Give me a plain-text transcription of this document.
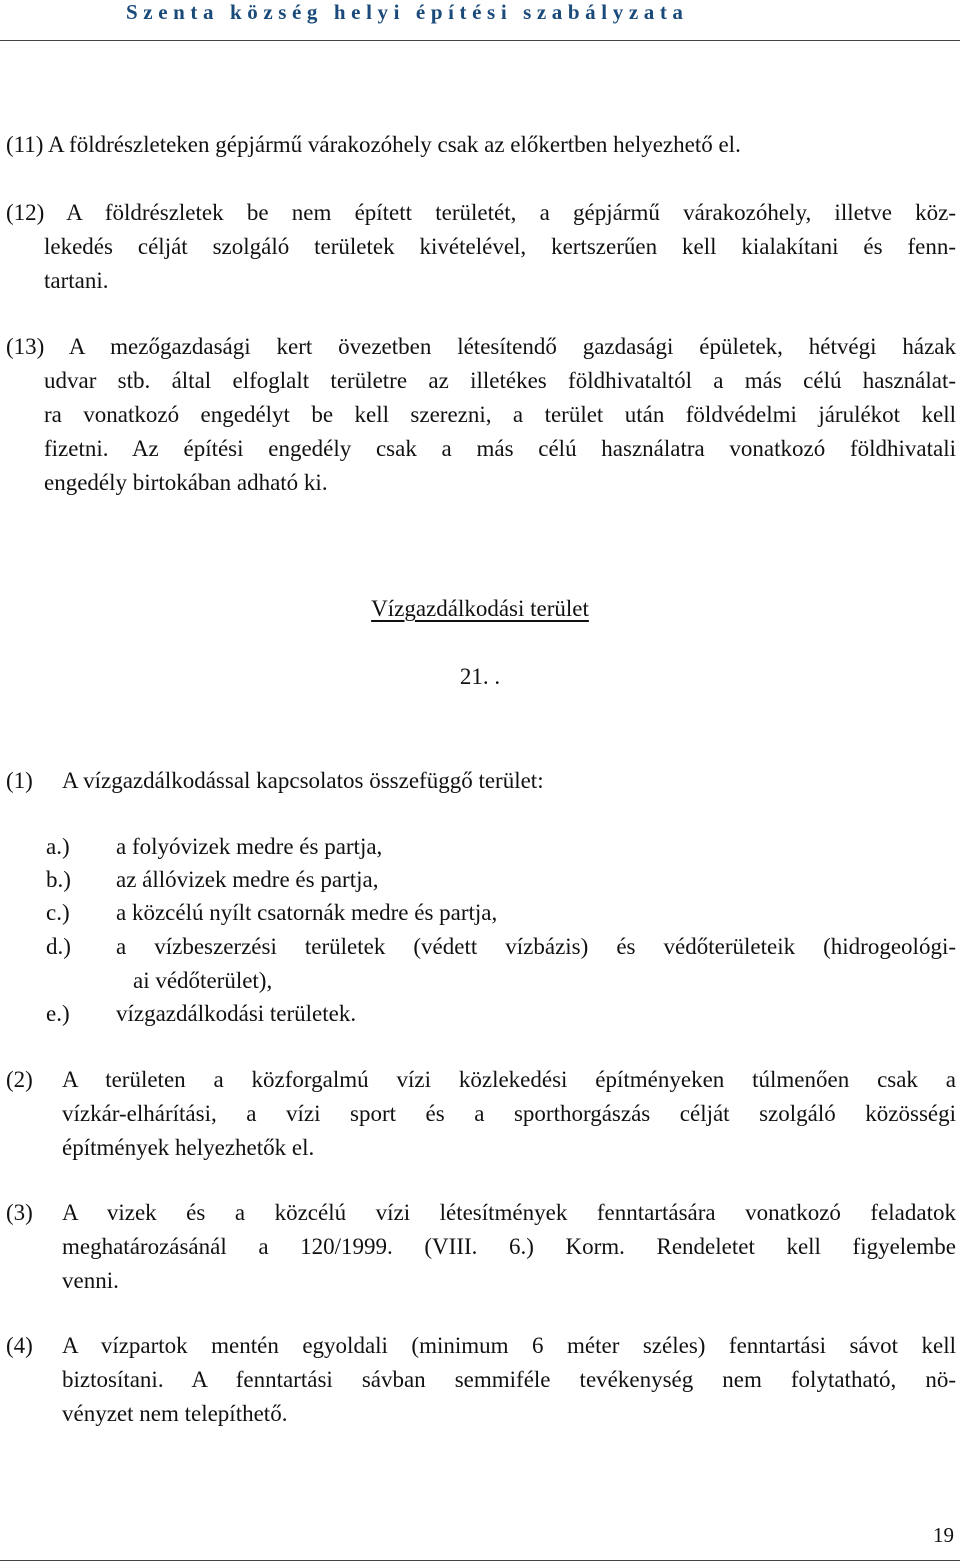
Szenta község helyi építési szabályzata
(11) A földrészleteken gépjármű várakozóhely csak az előkertben helyezhető el.
(12) A földrészletek be nem épített területét, a gépjármű várakozóhely, illetve köz-
lekedés célját szolgáló területek kivételével, kertszerűen kell kialakítani és fenn-
tartani.
(13) A mezőgazdasági kert övezetben létesítendő gazdasági épületek, hétvégi házak
udvar stb. által elfoglalt területre az illetékes földhivataltól a más célú használat-
ra vonatkozó engedélyt be kell szerezni, a terület után földvédelmi járulékot kell
fizetni. Az építési engedély csak a más célú használatra vonatkozó földhivatali
engedély birtokában adható ki.
Vízgazdálkodási terület
21. .
(1) A vízgazdálkodással kapcsolatos összefüggő terület:
a.) a folyóvizek medre és partja,
b.) az állóvizek medre és partja,
c.) a közcélú nyílt csatornák medre és partja,
d.) a vízbeszerzési területek (védett vízbázis) és védőterületeik (hidrogeológi-
ai védőterület),
e.) vízgazdálkodási területek.
(2) A területen a közforgalmú vízi közlekedési építményeken túlmenően csak a
vízkár-elhárítási, a vízi sport és a sporthorgászás célját szolgáló közösségi
építmények helyezhetők el.
(3) A vizek és a közcélú vízi létesítmények fenntartására vonatkozó feladatok
meghatározásánál a 120/1999. (VIII. 6.) Korm. Rendeletet kell figyelembe
venni.
(4) A vízpartok mentén egyoldali (minimum 6 méter széles) fenntartási sávot kell
biztosítani. A fenntartási sávban semmiféle tevékenység nem folytatható, nö-
vényzet nem telepíthető.
19
